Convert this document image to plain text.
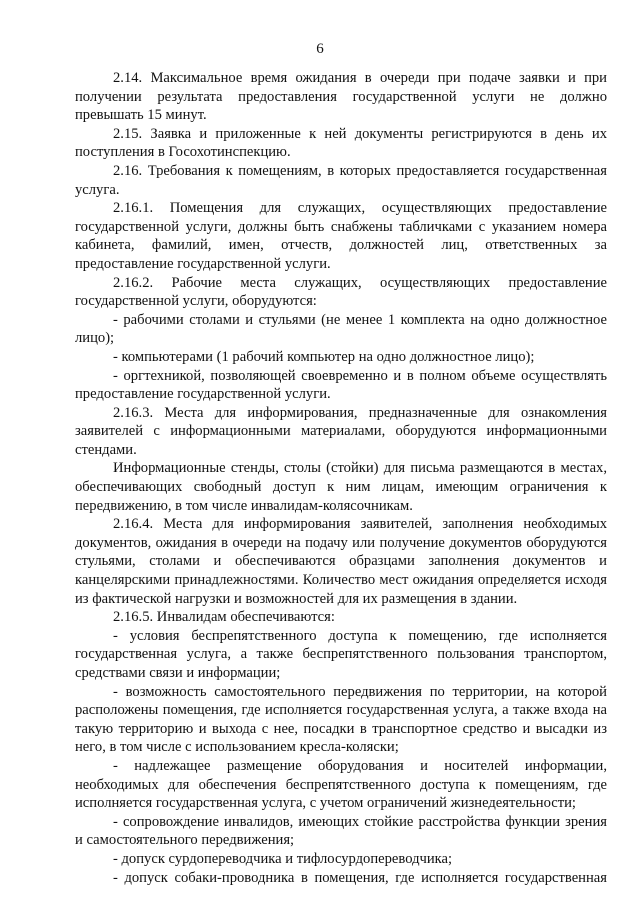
6

2.14. Максимальное время ожидания в очереди при подаче заявки и при получении результата предоставления государственной услуги не должно превышать 15 минут.

2.15. Заявка и приложенные к ней документы регистрируются в день их поступления в Госохотинспекцию.

2.16. Требования к помещениям, в которых предоставляется государственная услуга.

2.16.1. Помещения для служащих, осуществляющих предоставление государственной услуги, должны быть снабжены табличками с указанием номера кабинета, фамилий, имен, отчеств, должностей лиц, ответственных за предоставление государственной услуги.

2.16.2. Рабочие места служащих, осуществляющих предоставление государственной услуги, оборудуются:

- рабочими столами и стульями (не менее 1 комплекта на одно должностное лицо);

- компьютерами (1 рабочий компьютер на одно должностное лицо);

- оргтехникой, позволяющей своевременно и в полном объеме осуществлять предоставление государственной услуги.

2.16.3. Места для информирования, предназначенные для ознакомления заявителей с информационными материалами, оборудуются информационными стендами.

Информационные стенды, столы (стойки) для письма размещаются в местах, обеспечивающих свободный доступ к ним лицам, имеющим ограничения к передвижению, в том числе инвалидам-колясочникам.

2.16.4. Места для информирования заявителей, заполнения необходимых документов, ожидания в очереди на подачу или получение документов оборудуются стульями, столами и обеспечиваются образцами заполнения документов и канцелярскими принадлежностями. Количество мест ожидания определяется исходя из фактической нагрузки и возможностей для их размещения в здании.

2.16.5. Инвалидам обеспечиваются:

- условия беспрепятственного доступа к помещению, где исполняется государственная услуга, а также беспрепятственного пользования транспортом, средствами связи и информации;

- возможность самостоятельного передвижения по территории, на которой расположены помещения, где исполняется государственная услуга, а также входа на такую территорию и выхода с нее, посадки в транспортное средство и высадки из него, в том числе с использованием кресла-коляски;

- надлежащее размещение оборудования и носителей информации, необходимых для обеспечения беспрепятственного доступа к помещениям, где исполняется государственная услуга, с учетом ограничений жизнедеятельности;

- сопровождение инвалидов, имеющих стойкие расстройства функции зрения и самостоятельного передвижения;

- допуск сурдопереводчика и тифлосурдопереводчика;

- допуск собаки-проводника в помещения, где исполняется государственная
